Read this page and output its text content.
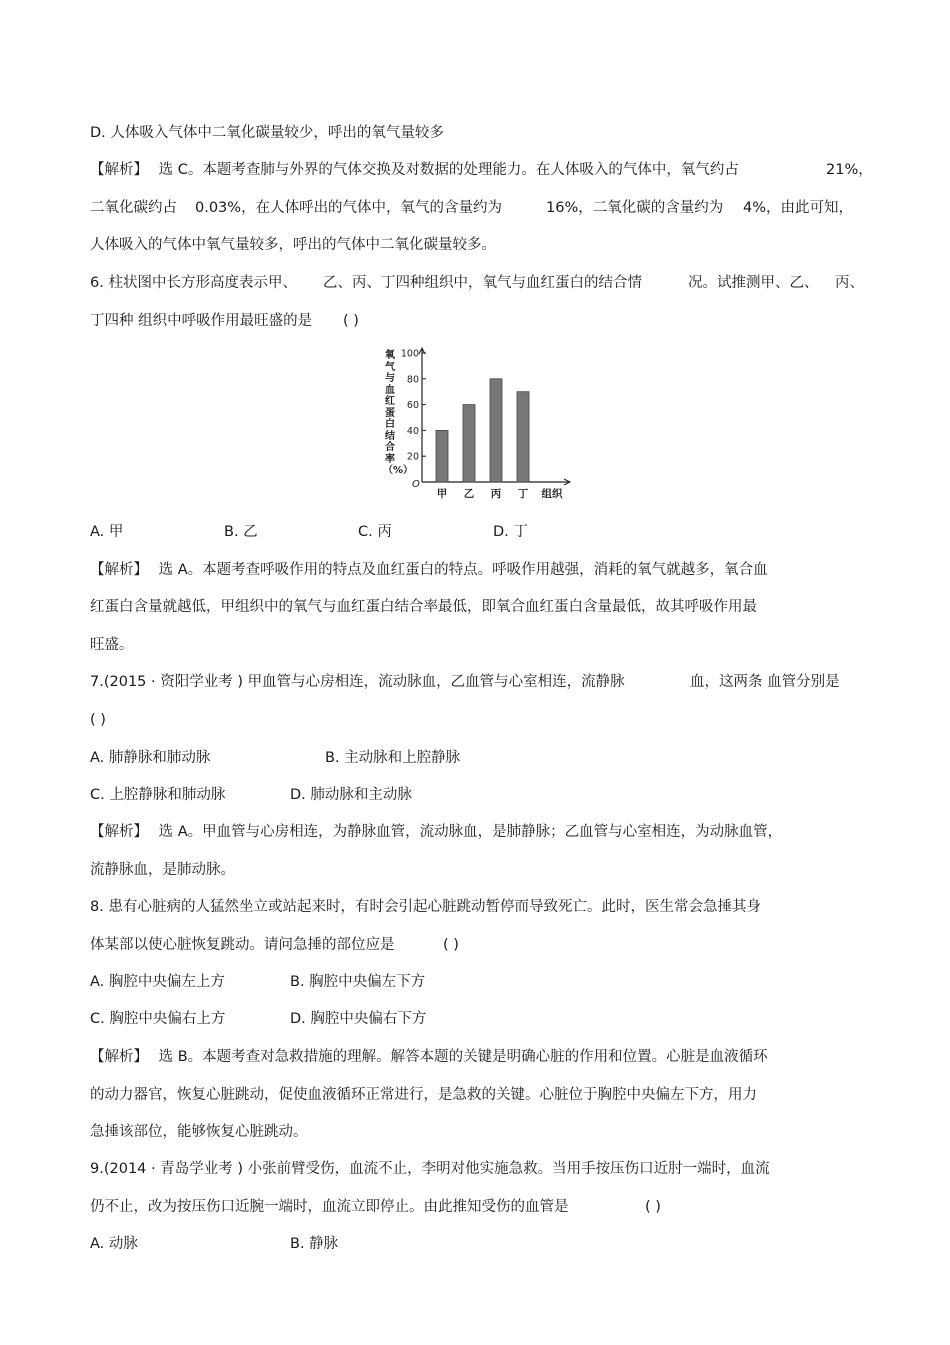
D. 人体吸入气体中二氧化碳量较少，呼出的氧气量较多
【解析】 选 C。本题考查肺与外界的气体交换及对数据的处理能力。在人体吸入的气体中，氧气约占	21%，
二氧化碳约占 0.03%，在人体呼出的气体中，氧气的含量约为	16%，二氧化碳的含量约为 4%，由此可知，
人体吸入的气体中氧气量较多，呼出的气体中二氧化碳量较多。
6. 柱状图中长方形高度表示甲、 乙、丙、丁四种组织中，氧气与血红蛋白的结合情	况。试推测甲、乙、 丙、
丁四种 组织中呼吸作用最旺盛的是 ( )
氧气与血红蛋白结合率（%）
20
40
60
80
100
O
甲 乙 丙 丁 组织
A. 甲	B. 乙	C. 丙	D. 丁
【解析】 选 A。本题考查呼吸作用的特点及血红蛋白的特点。呼吸作用越强，消耗的氧气就越多，氧合血
红蛋白含量就越低，甲组织中的氧气与血红蛋白结合率最低，即氧合血红蛋白含量最低，故其呼吸作用最
旺盛。
7.(2015 · 资阳学业考 ) 甲血管与心房相连，流动脉血，乙血管与心室相连，流静脉	血，这两条 血管分别是
( )
A. 肺静脉和肺动脉	B. 主动脉和上腔静脉
C. 上腔静脉和肺动脉	D. 肺动脉和主动脉
【解析】 选 A。甲血管与心房相连，为静脉血管，流动脉血，是肺静脉；乙血管与心室相连，为动脉血管，
流静脉血，是肺动脉。
8. 患有心脏病的人猛然坐立或站起来时，有时会引起心脏跳动暂停而导致死亡。此时，医生常会急捶其身
体某部以使心脏恢复跳动。请问急捶的部位应是	( )
A. 胸腔中央偏左上方	B. 胸腔中央偏左下方
C. 胸腔中央偏右上方	D. 胸腔中央偏右下方
【解析】 选 B。本题考查对急救措施的理解。解答本题的关键是明确心脏的作用和位置。心脏是血液循环
的动力器官，恢复心脏跳动，促使血液循环正常进行，是急救的关键。心脏位于胸腔中央偏左下方，用力
急捶该部位，能够恢复心脏跳动。
9.(2014 · 青岛学业考 ) 小张前臂受伤，血流不止，李明对他实施急救。当用手按压伤口近肘一端时，血流
仍不止，改为按压伤口近腕一端时，血流立即停止。由此推知受伤的血管是	( )
A. 动脉	B. 静脉
